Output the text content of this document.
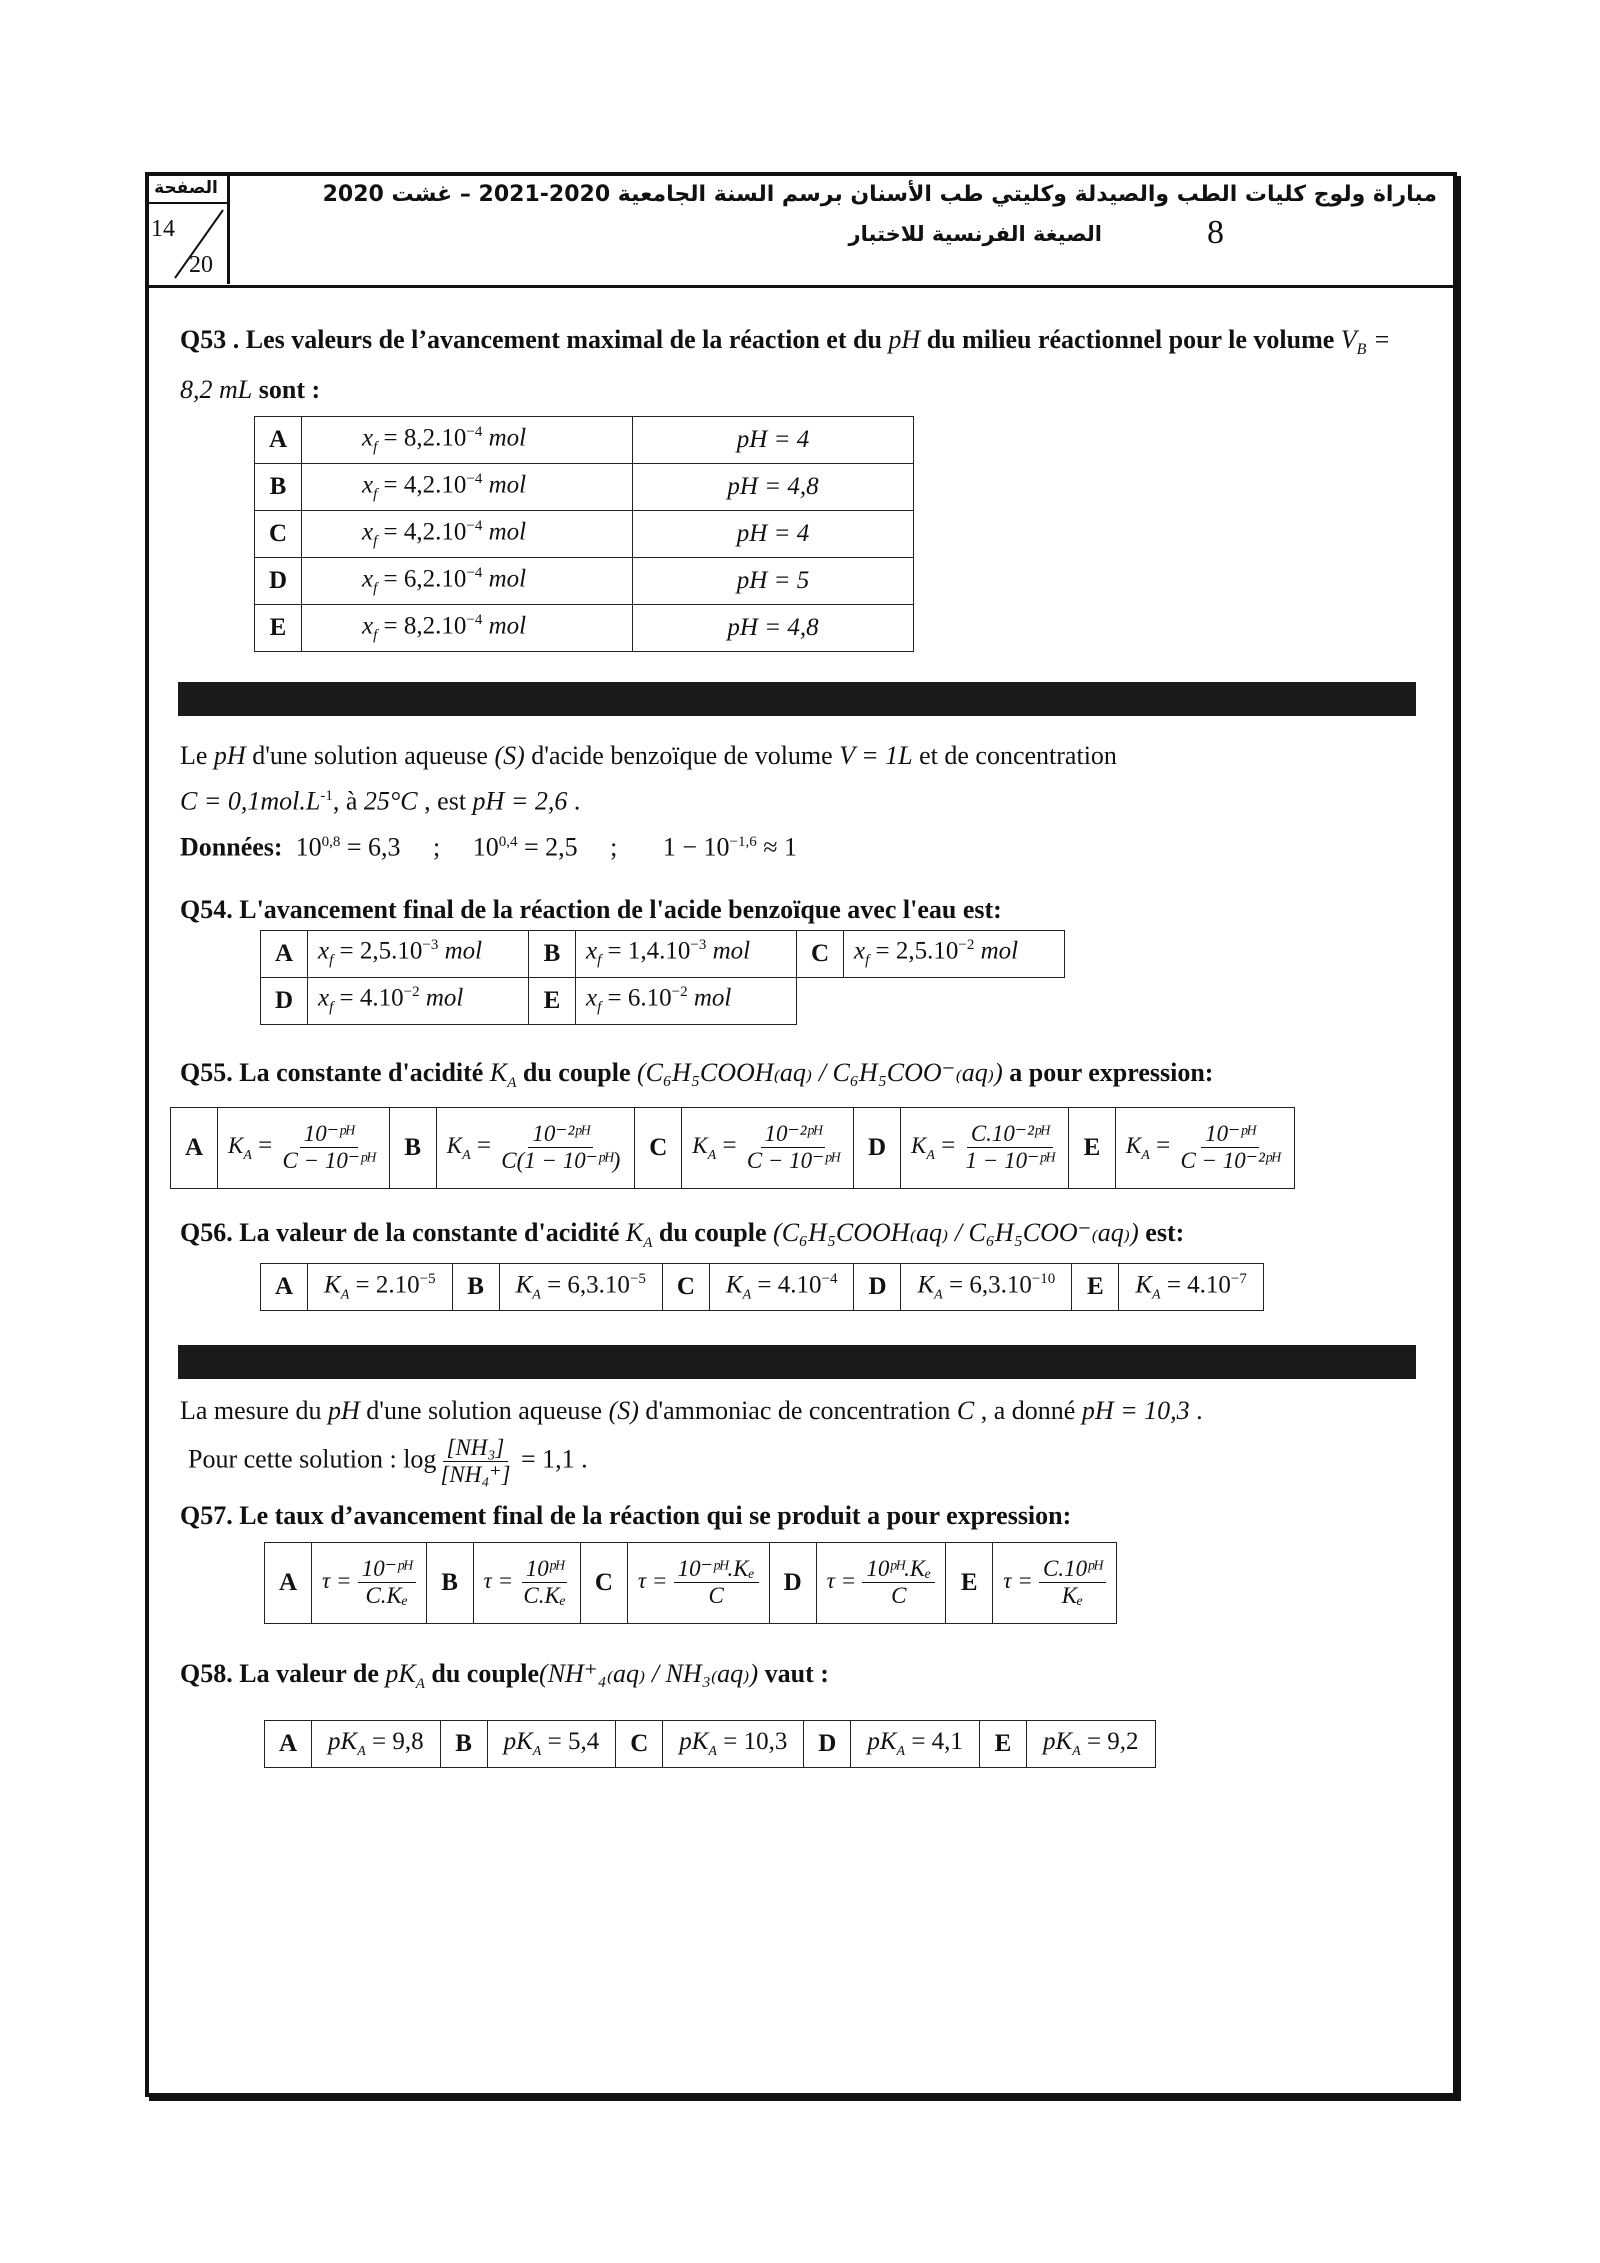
الصفحة
14
20
مباراة ولوج كليات الطب والصيدلة وكليتي طب الأسنان برسم السنة الجامعية 2020-2021 – غشت 2020
8
الصيغة الفرنسية للاختبار
Q53 . Les valeurs de l’avancement maximal de la réaction et du pH du milieu réactionnel pour le volume $V_B = 8,2$ mL sont :
A	$x_f = 8,2.10^{-4}$ mol	pH = 4
B	$x_f = 4,2.10^{-4}$ mol	pH = 4,8
C	$x_f = 4,2.10^{-4}$ mol	pH = 4
D	$x_f = 6,2.10^{-4}$ mol	pH = 5
E	$x_f = 8,2.10^{-4}$ mol	pH = 4,8
Le pH d'une solution aqueuse (S) d'acide benzoïque de volume V = 1L et de concentration
$C = 0,1mol.L^{-1}$, à 25°C , est pH = 2,6 .
Données: $10^{0,8} = 6,3$ ; $10^{0,4} = 2,5$ ; $1 - 10^{-1,6} \approx 1$
Q54. L'avancement final de la réaction de l'acide benzoïque avec l'eau est:
A	$x_f = 2,5.10^{-3}$ mol	B	$x_f = 1,4.10^{-3}$ mol	C	$x_f = 2,5.10^{-2}$ mol
D	$x_f = 4.10^{-2}$ mol	E	$x_f = 6.10^{-2}$ mol		
Q55. La constante d'acidité $K_A$ du couple (C₆H₅COOH₍aq₎ / C₆H₅COO⁻₍aq₎) a pour expression:
A	$K_A = \frac{\text{10⁻ᵖᴴ}}{\text{C − 10⁻ᵖᴴ}}$	B	$K_A = \frac{\text{10⁻²ᵖᴴ}}{\text{C(1 − 10⁻ᵖᴴ)}}$	C	$K_A = \frac{\text{10⁻²ᵖᴴ}}{\text{C − 10⁻ᵖᴴ}}$	D	$K_A = \frac{\text{C.10⁻²ᵖᴴ}}{\text{1 − 10⁻ᵖᴴ}}$	E	$K_A = \frac{\text{10⁻ᵖᴴ}}{\text{C − 10⁻²ᵖᴴ}}$
Q56. La valeur de la constante d'acidité $K_A$ du couple (C₆H₅COOH₍aq₎ / C₆H₅COO⁻₍aq₎) est:
A	$K_A = 2.10^{-5}$	B	$K_A = 6,3.10^{-5}$	C	$K_A = 4.10^{-4}$	D	$K_A = 6,3.10^{-10}$	E	$K_A = 4.10^{-7}$
La mesure du pH d'une solution aqueuse (S) d'ammoniac de concentration C , a donné pH = 10,3 .
Pour cette solution : $\log \frac{\text{[NH₃]}}{\text{[NH₄⁺]}} = 1,1$ .
Q57. Le taux d’avancement final de la réaction qui se produit a pour expression:
A	$\tau = \frac{\text{10⁻ᵖᴴ}}{\text{C.Kₑ}}$	B	$\tau = \frac{\text{10ᵖᴴ}}{\text{C.Kₑ}}$	C	$\tau = \frac{\text{10⁻ᵖᴴ.Kₑ}}{C}$	D	$\tau = \frac{\text{10ᵖᴴ.Kₑ}}{C}$	E	$\tau = \frac{\text{C.10ᵖᴴ}}{\text{Kₑ}}$
Q58. La valeur de $pK_A$ du couple(NH⁺₄₍aq₎ / NH₃₍aq₎) vaut :
A	$pK_A = 9,8$	B	$pK_A = 5,4$	C	$pK_A = 10,3$	D	$pK_A = 4,1$	E	$pK_A = 9,2$
